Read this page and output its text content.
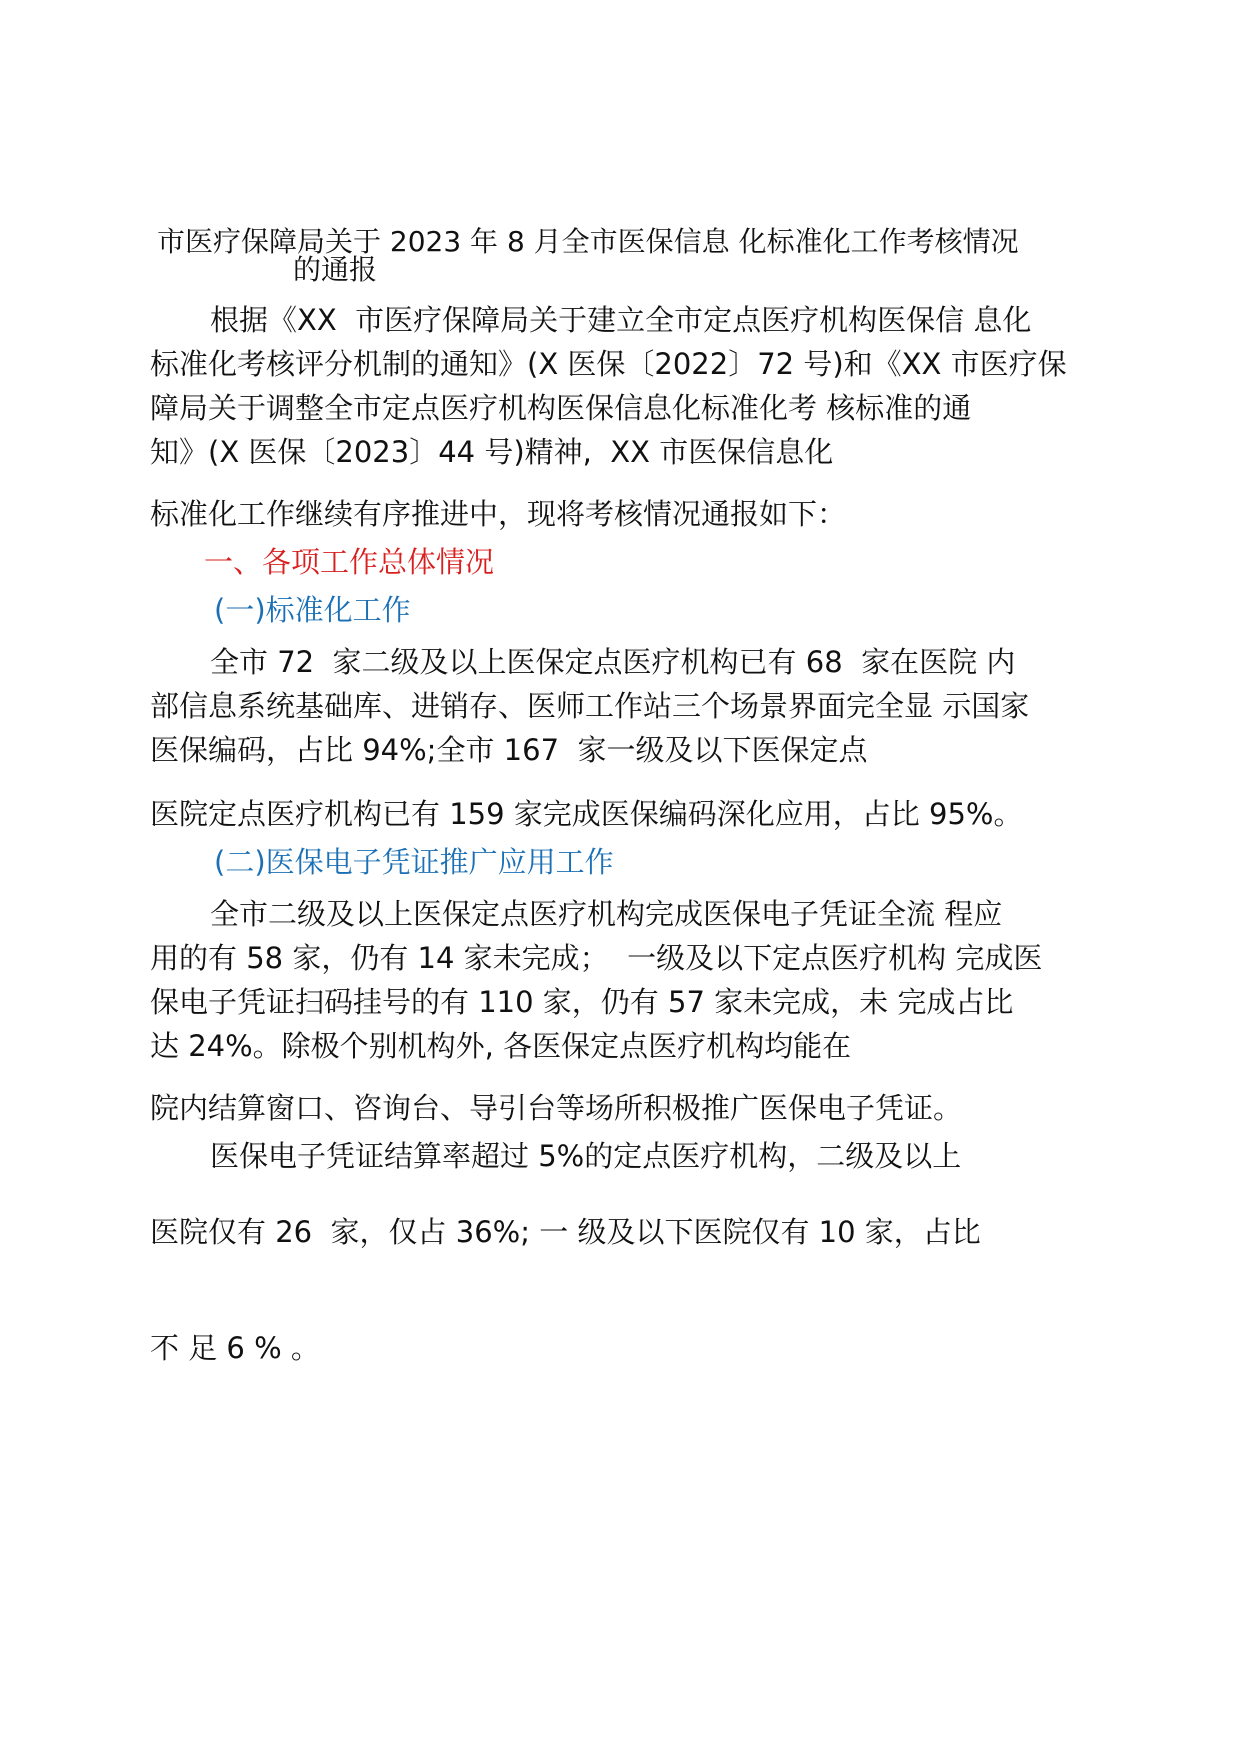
市医疗保障局关于 2023 年 8 月全市医保信息 化标准化工作考核情况

的通报

根据《XX  市医疗保障局关于建立全市定点医疗机构医保信 息化

标准化考核评分机制的通知》(X 医保〔2022〕72 号)和《XX 市医疗保

障局关于调整全市定点医疗机构医保信息化标准化考 核标准的通

知》(X 医保〔2023〕44 号)精神,  XX 市医保信息化

标准化工作继续有序推进中，现将考核情况通报如下：

一、各项工作总体情况

(一)标准化工作

全市 72  家二级及以上医保定点医疗机构已有 68  家在医院 内

部信息系统基础库、进销存、医师工作站三个场景界面完全显 示国家

医保编码，占比 94%;全市 167  家一级及以下医保定点

医院定点医疗机构已有 159 家完成医保编码深化应用，占比 95%。

(二)医保电子凭证推广应用工作

全市二级及以上医保定点医疗机构完成医保电子凭证全流 程应

用的有 58 家，仍有 14 家未完成；  一级及以下定点医疗机构 完成医

保电子凭证扫码挂号的有 110 家，仍有 57 家未完成，未 完成占比

达 24%。除极个别机构外, 各医保定点医疗机构均能在

院内结算窗口、咨询台、导引台等场所积极推广医保电子凭证。

医保电子凭证结算率超过 5%的定点医疗机构，二级及以上

医院仅有 26  家，仅占 36%; 一 级及以下医院仅有 10 家，占比

不 足 6 % 。
